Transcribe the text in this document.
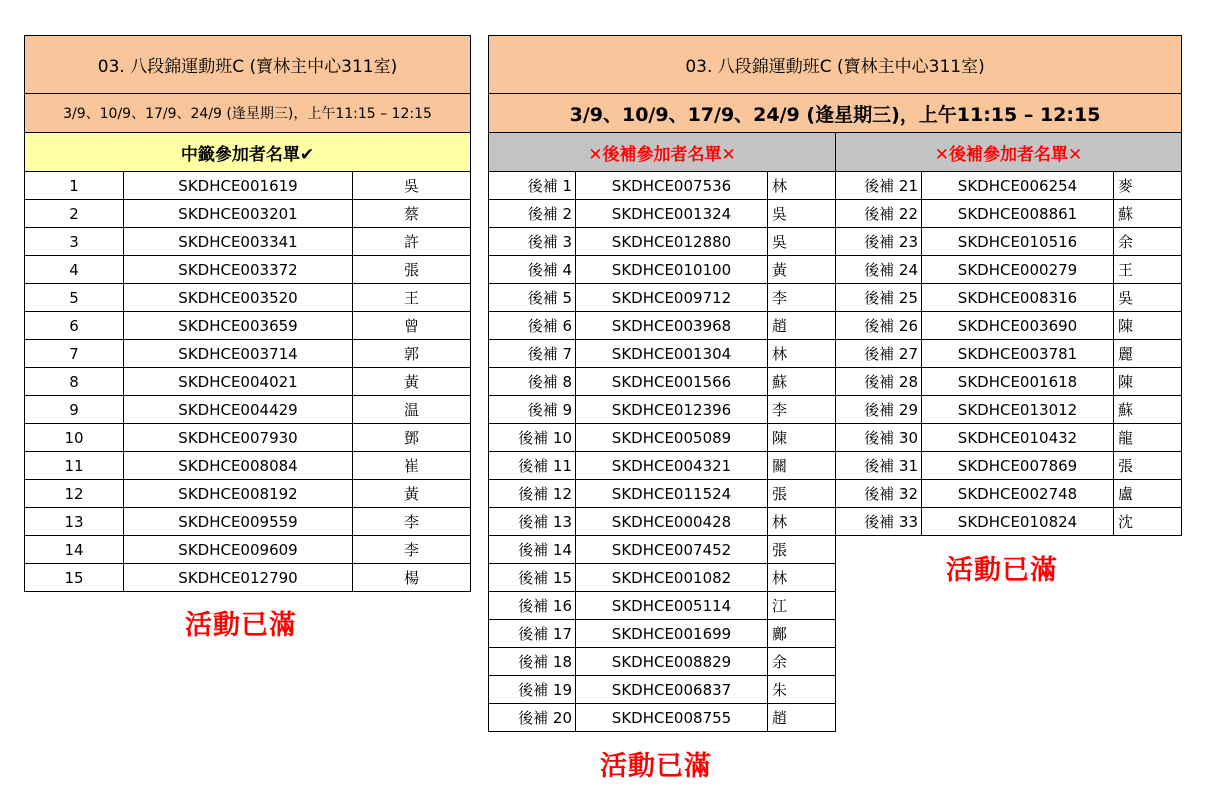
03. 八段錦運動班C (寶林主中心311室)		
3/9、10/9、17/9、24/9 (逢星期三)，上午11:15 – 12:15		
中籤參加者名單✔		
1	SKDHCE001619	吳
2	SKDHCE003201	蔡
3	SKDHCE003341	許
4	SKDHCE003372	張
5	SKDHCE003520	王
6	SKDHCE003659	曾
7	SKDHCE003714	郭
8	SKDHCE004021	黃
9	SKDHCE004429	温
10	SKDHCE007930	鄧
11	SKDHCE008084	崔
12	SKDHCE008192	黃
13	SKDHCE009559	李
14	SKDHCE009609	李
15	SKDHCE012790	楊
活動已滿
03. 八段錦運動班C (寶林主中心311室)					
3/9、10/9、17/9、24/9 (逢星期三)，上午11:15 – 12:15					
✕後補參加者名單✕			✕後補參加者名單✕		
後補 1	SKDHCE007536	林	後補 21	SKDHCE006254	麥
後補 2	SKDHCE001324	吳	後補 22	SKDHCE008861	蘇
後補 3	SKDHCE012880	吳	後補 23	SKDHCE010516	余
後補 4	SKDHCE010100	黃	後補 24	SKDHCE000279	王
後補 5	SKDHCE009712	李	後補 25	SKDHCE008316	吳
後補 6	SKDHCE003968	趙	後補 26	SKDHCE003690	陳
後補 7	SKDHCE001304	林	後補 27	SKDHCE003781	麗
後補 8	SKDHCE001566	蘇	後補 28	SKDHCE001618	陳
後補 9	SKDHCE012396	李	後補 29	SKDHCE013012	蘇
後補 10	SKDHCE005089	陳	後補 30	SKDHCE010432	龍
後補 11	SKDHCE004321	關	後補 31	SKDHCE007869	張
後補 12	SKDHCE011524	張	後補 32	SKDHCE002748	盧
後補 13	SKDHCE000428	林	後補 33	SKDHCE010824	沈
後補 14	SKDHCE007452	張			
後補 15	SKDHCE001082	林			
後補 16	SKDHCE005114	江			
後補 17	SKDHCE001699	鄺			
後補 18	SKDHCE008829	余			
後補 19	SKDHCE006837	朱			
後補 20	SKDHCE008755	趙			
活動已滿
活動已滿
